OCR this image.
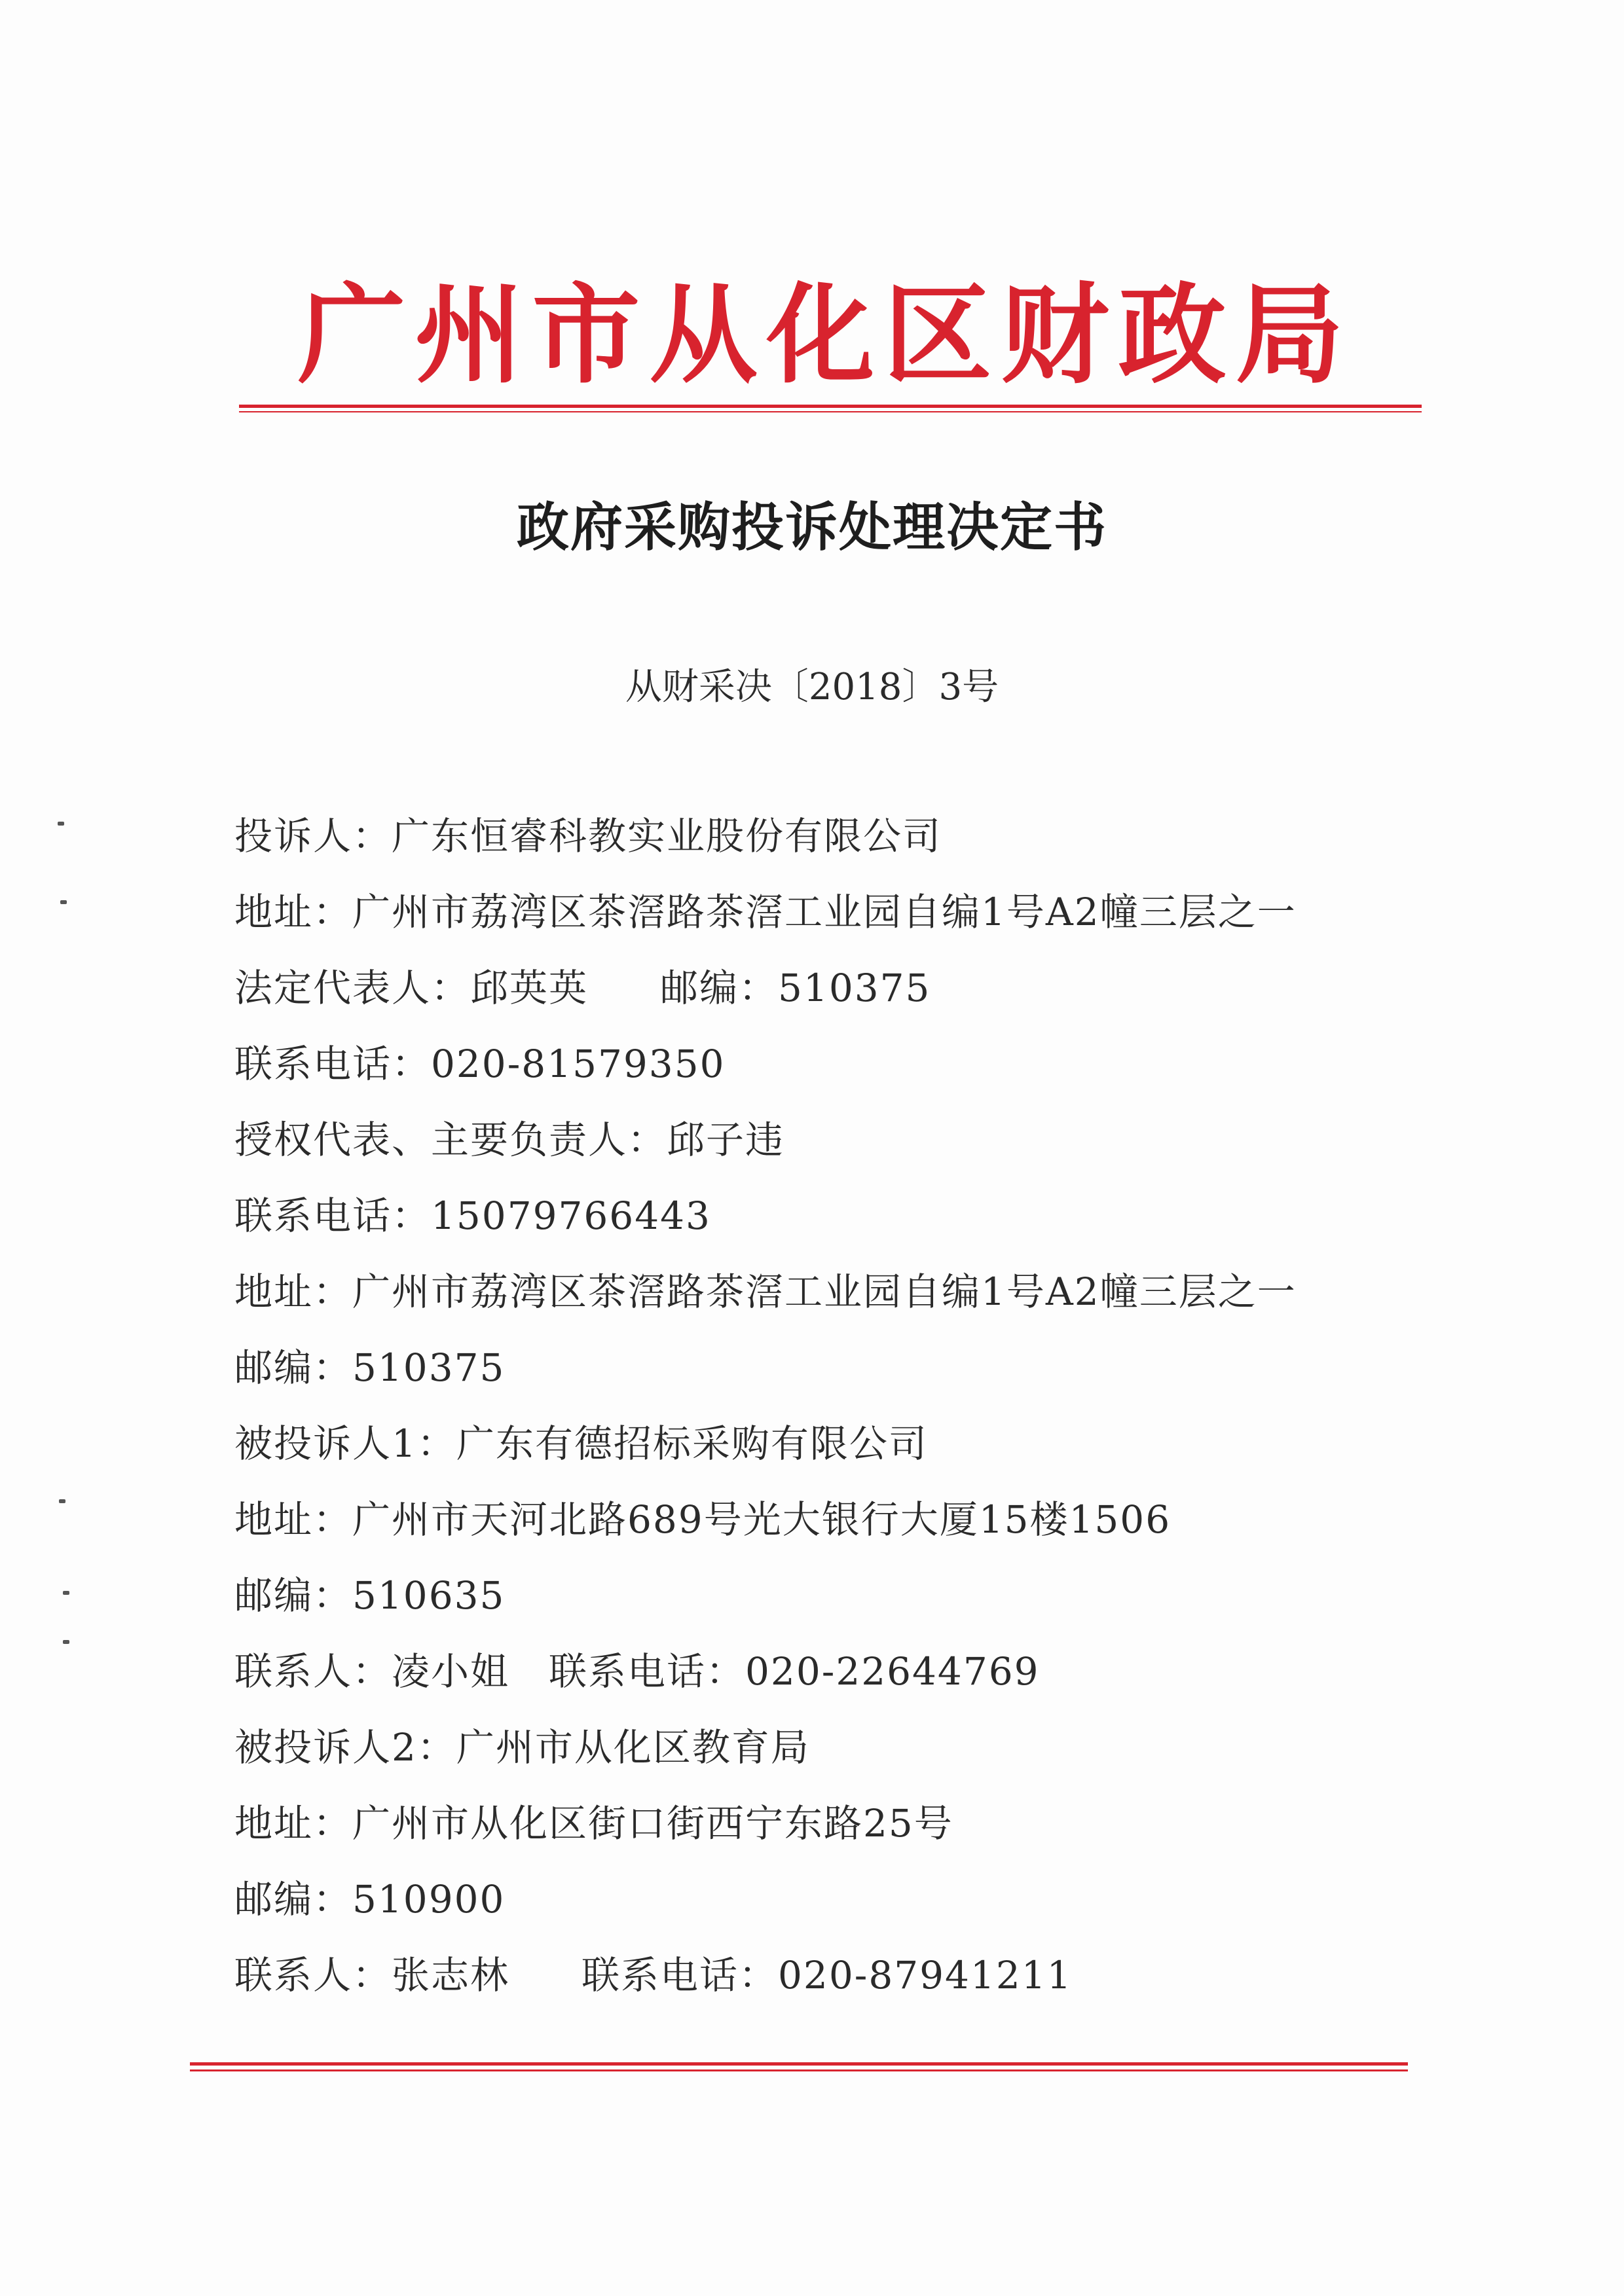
广州市从化区财政局
政府采购投诉处理决定书
从财采决〔2018〕3号
投诉人：广东恒睿科教实业股份有限公司
地址：广州市荔湾区茶滘路茶滘工业园自编1号A2幢三层之一
法定代表人：邱英英 邮编：510375
联系电话：020-81579350
授权代表、主要负责人：邱子违
联系电话：15079766443
地址：广州市荔湾区茶滘路茶滘工业园自编1号A2幢三层之一
邮编：510375
被投诉人1：广东有德招标采购有限公司
地址：广州市天河北路689号光大银行大厦15楼1506
邮编：510635
联系人：凌小姐 联系电话：020-22644769
被投诉人2：广州市从化区教育局
地址：广州市从化区街口街西宁东路25号
邮编：510900
联系人：张志林 联系电话：020-87941211
